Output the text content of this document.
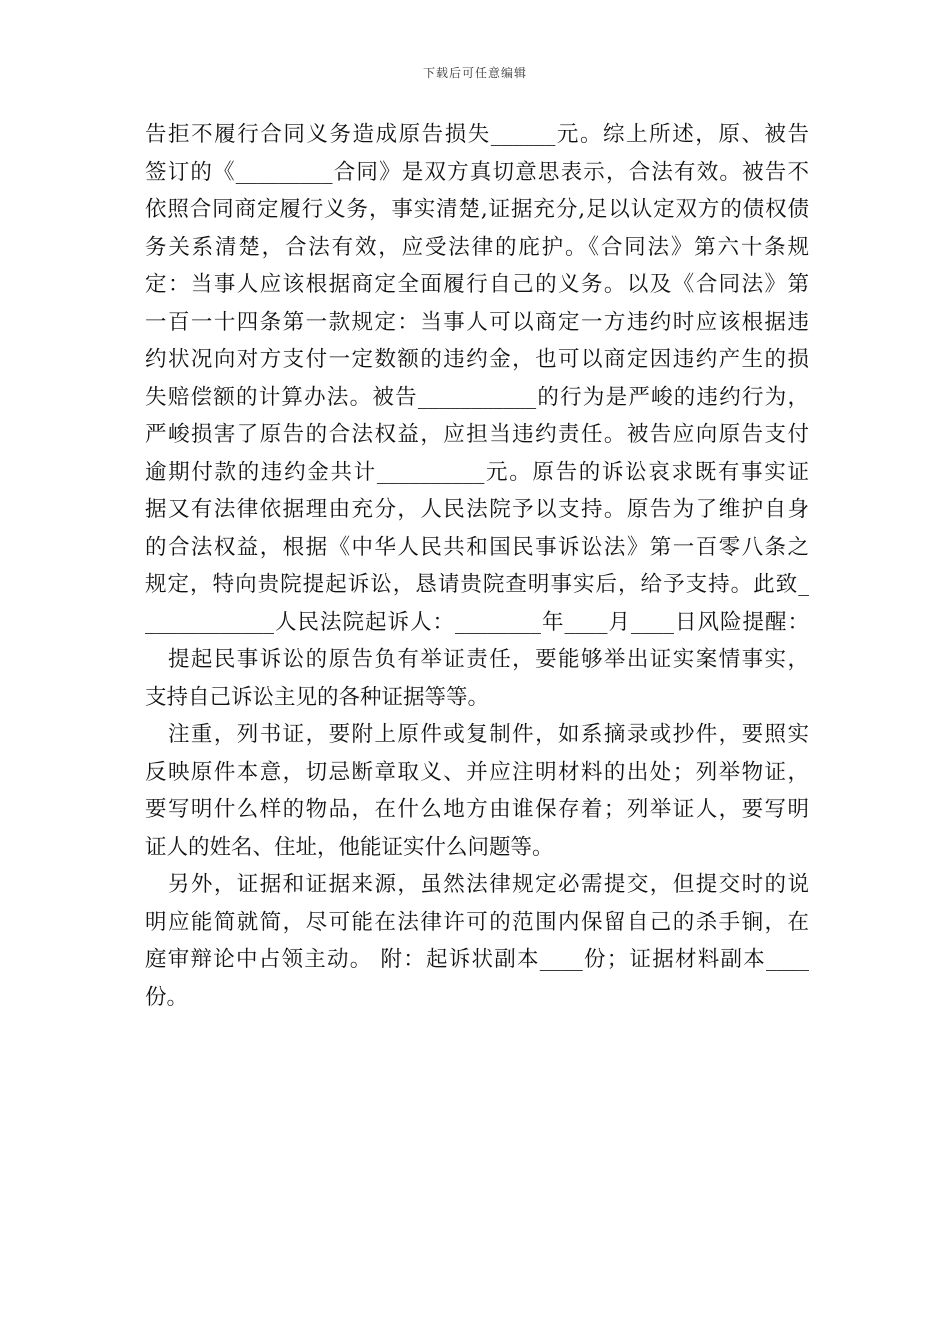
下载后可任意编辑
告拒不履行合同义务造成原告损失______元。综上所述，原、被告
签订的《_________合同》是双方真切意思表示，合法有效。被告不
依照合同商定履行义务，事实清楚,证据充分,足以认定双方的债权债
务关系清楚，合法有效，应受法律的庇护。《合同法》第六十条规
定：当事人应该根据商定全面履行自己的义务。以及《合同法》第
一百一十四条第一款规定：当事人可以商定一方违约时应该根据违
约状况向对方支付一定数额的违约金，也可以商定因违约产生的损
失赔偿额的计算办法。被告___________的行为是严峻的违约行为，
严峻损害了原告的合法权益，应担当违约责任。被告应向原告支付
逾期付款的违约金共计__________元。原告的诉讼哀求既有事实证
据又有法律依据理由充分，人民法院予以支持。原告为了维护自身
的合法权益，根据《中华人民共和国民事诉讼法》第一百零八条之
规定，特向贵院提起诉讼，恳请贵院查明事实后，给予支持。此致_
____________人民法院起诉人：________年____月____日风险提醒：
　提起民事诉讼的原告负有举证责任，要能够举出证实案情事实，
支持自己诉讼主见的各种证据等等。
　注重，列书证，要附上原件或复制件，如系摘录或抄件，要照实
反映原件本意，切忌断章取义、并应注明材料的出处；列举物证，
要写明什么样的物品，在什么地方由谁保存着；列举证人，要写明
证人的姓名、住址，他能证实什么问题等。
　另外，证据和证据来源，虽然法律规定必需提交，但提交时的说
明应能简就简，尽可能在法律许可的范围内保留自己的杀手锏，在
庭审辩论中占领主动。 附：起诉状副本____份；证据材料副本____
份。
